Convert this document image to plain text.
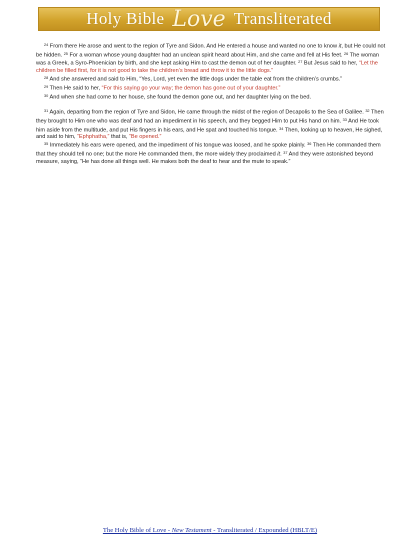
Holy Bible Love Transliterated

$^{24}$ From there He arose and went to the region of Tyre and Sidon. And He entered a house and wanted no one to know it, but He could not be hidden. $^{25}$ For a woman whose young daughter had an unclean spirit heard about Him, and she came and fell at His feet. $^{26}$ The woman was a Greek, a Syro-Phoenician by birth, and she kept asking Him to cast the demon out of her daughter. $^{27}$ But Jesus said to her, “Let the children be filled first, for it is not good to take the children’s bread and throw it to the little dogs.”

$^{28}$ And she answered and said to Him, “Yes, Lord, yet even the little dogs under the table eat from the children’s crumbs.”

$^{29}$ Then He said to her, “For this saying go your way; the demon has gone out of your daughter.”

$^{30}$ And when she had come to her house, she found the demon gone out, and her daughter lying on the bed.

$^{31}$ Again, departing from the region of Tyre and Sidon, He came through the midst of the region of Decapolis to the Sea of Galilee. $^{32}$ Then they brought to Him one who was deaf and had an impediment in his speech, and they begged Him to put His hand on him. $^{33}$ And He took him aside from the multitude, and put His fingers in his ears, and He spat and touched his tongue. $^{34}$ Then, looking up to heaven, He sighed, and said to him, “Ephphatha,” that is, “Be opened.”

$^{35}$ Immediately his ears were opened, and the impediment of his tongue was loosed, and he spoke plainly. $^{36}$ Then He commanded them that they should tell no one; but the more He commanded them, the more widely they proclaimed it. $^{37}$ And they were astonished beyond measure, saying, “He has done all things well. He makes both the deaf to hear and the mute to speak.”

The Holy Bible of Love - New Testament - Transliterated / Expounded (HBLT/E)
